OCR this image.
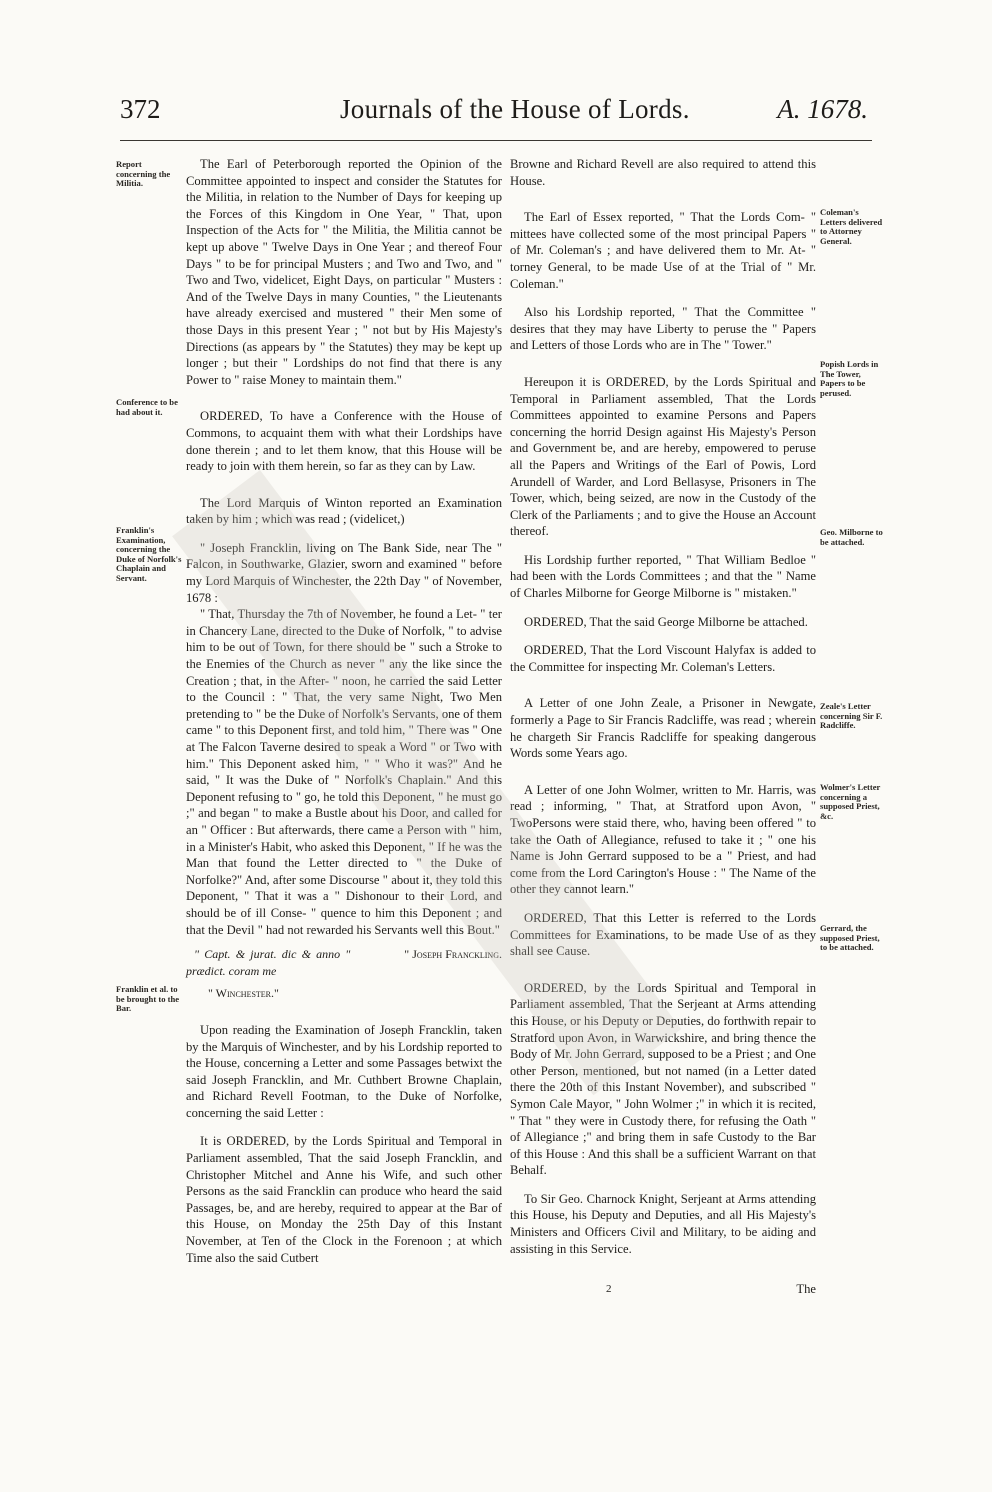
372	Journals of the House of Lords.	A. 1678.
Report concerning the Militia.
Conference to be had about it.
Franklin's Examination, concerning the Duke of Norfolk's Chaplain and Servant.
Franklin et al. to be brought to the Bar.
Coleman's Letters delivered to Attorney General.
Popish Lords in The Tower, Papers to be perused.
Geo. Milborne to be attached.
Zeale's Letter concerning Sir F. Radcliffe.
Wolmer's Letter concerning a supposed Priest, &c.
Gerrard, the supposed Priest, to be attached.

The Earl of Peterborough reported the Opinion of the Committee appointed to inspect and consider the Statutes for the Militia, in relation to the Number of Days for keeping up the Forces of this Kingdom in One Year, " That, upon Inspection of the Acts for " the Militia, the Militia cannot be kept up above " Twelve Days in One Year ; and thereof Four Days " to be for principal Musters ; and Two and Two, and " Two and Two, videlicet, Eight Days, on particular " Musters : And of the Twelve Days in many Counties, " the Lieutenants have already exercised and mustered " their Men some of those Days in this present Year ; " not but by His Majesty's Directions (as appears by " the Statutes) they may be kept up longer ; but their " Lordships do not find that there is any Power to " raise Money to maintain them."

ORDERED, To have a Conference with the House of Commons, to acquaint them with what their Lordships have done therein ; and to let them know, that this House will be ready to join with them herein, so far as they can by Law.

The Lord Marquis of Winton reported an Examination taken by him ; which was read ; (videlicet,)

" Joseph Francklin, living on The Bank Side, near The " Falcon, in Southwarke, Glazier, sworn and examined " before my Lord Marquis of Winchester, the 22th Day " of November, 1678 :

" That, Thursday the 7th of November, he found a Let- " ter in Chancery Lane, directed to the Duke of Norfolk, " to advise him to be out of Town, for there should be " such a Stroke to the Enemies of the Church as never " any the like since the Creation ; that, in the After- " noon, he carried the said Letter to the Council : " That, the very same Night, Two Men pretending to " be the Duke of Norfolk's Servants, one of them came " to this Deponent first, and told him, " There was " One at The Falcon Taverne desired to speak a Word " or Two with him." This Deponent asked him, " " Who it was?" And he said, " It was the Duke of " Norfolk's Chaplain." And this Deponent refusing to " go, he told this Deponent, " he must go ;" and began " to make a Bustle about his Door, and called for an " Officer : But afterwards, there came a Person with " him, in a Minister's Habit, who asked this Deponent, " If he was the Man that found the Letter directed to " the Duke of Norfolke?" And, after some Discourse " about it, they told this Deponent, " That it was a " Dishonour to their Lord, and should be of ill Conse- " quence to him this Deponent ; and that the Devil " had not rewarded his Servants well this Bout."

" Capt. & jurat. dic & anno " prædict. coram me
" Joseph Franckling.
" Winchester."

Upon reading the Examination of Joseph Francklin, taken by the Marquis of Winchester, and by his Lordship reported to the House, concerning a Letter and some Passages betwixt the said Joseph Francklin, and Mr. Cuthbert Browne Chaplain, and Richard Revell Footman, to the Duke of Norfolke, concerning the said Letter :

It is ORDERED, by the Lords Spiritual and Temporal in Parliament assembled, That the said Joseph Francklin, and Christopher Mitchel and Anne his Wife, and such other Persons as the said Francklin can produce who heard the said Passages, be, and are hereby, required to appear at the Bar of this House, on Monday the 25th Day of this Instant November, at Ten of the Clock in the Forenoon ; at which Time also the said Cutbert

Browne and Richard Revell are also required to attend this House.

The Earl of Essex reported, " That the Lords Com- " mittees have collected some of the most principal Papers " of Mr. Coleman's ; and have delivered them to Mr. At- " torney General, to be made Use of at the Trial of " Mr. Coleman."

Also his Lordship reported, " That the Committee " desires that they may have Liberty to peruse the " Papers and Letters of those Lords who are in The " Tower."

Hereupon it is ORDERED, by the Lords Spiritual and Temporal in Parliament assembled, That the Lords Committees appointed to examine Persons and Papers concerning the horrid Design against His Majesty's Person and Government be, and are hereby, empowered to peruse all the Papers and Writings of the Earl of Powis, Lord Arundell of Warder, and Lord Bellasyse, Prisoners in The Tower, which, being seized, are now in the Custody of the Clerk of the Parliaments ; and to give the House an Account thereof.

His Lordship further reported, " That William Bedloe " had been with the Lords Committees ; and that the " Name of Charles Milborne for George Milborne is " mistaken."

ORDERED, That the said George Milborne be attached.

ORDERED, That the Lord Viscount Halyfax is added to the Committee for inspecting Mr. Coleman's Letters.

A Letter of one John Zeale, a Prisoner in Newgate, formerly a Page to Sir Francis Radcliffe, was read ; wherein he chargeth Sir Francis Radcliffe for speaking dangerous Words some Years ago.

A Letter of one John Wolmer, written to Mr. Harris, was read ; informing, " That, at Stratford upon Avon, " TwoPersons were staid there, who, having been offered " to take the Oath of Allegiance, refused to take it ; " one his Name is John Gerrard supposed to be a " Priest, and had come from the Lord Carington's House : " The Name of the other they cannot learn."

ORDERED, That this Letter is referred to the Lords Committees for Examinations, to be made Use of as they shall see Cause.

ORDERED, by the Lords Spiritual and Temporal in Parliament assembled, That the Serjeant at Arms attending this House, or his Deputy or Deputies, do forthwith repair to Stratford upon Avon, in Warwickshire, and bring thence the Body of Mr. John Gerrard, supposed to be a Priest ; and One other Person, mentioned, but not named (in a Letter dated there the 20th of this Instant November), and subscribed " Symon Cale Mayor, " John Wolmer ;" in which it is recited, " That " they were in Custody there, for refusing the Oath " of Allegiance ;" and bring them in safe Custody to the Bar of this House : And this shall be a sufficient Warrant on that Behalf.

To Sir Geo. Charnock Knight, Serjeant at Arms attending this House, his Deputy and Deputies, and all His Majesty's Ministers and Officers Civil and Military, to be aiding and assisting in this Service.

2	The
